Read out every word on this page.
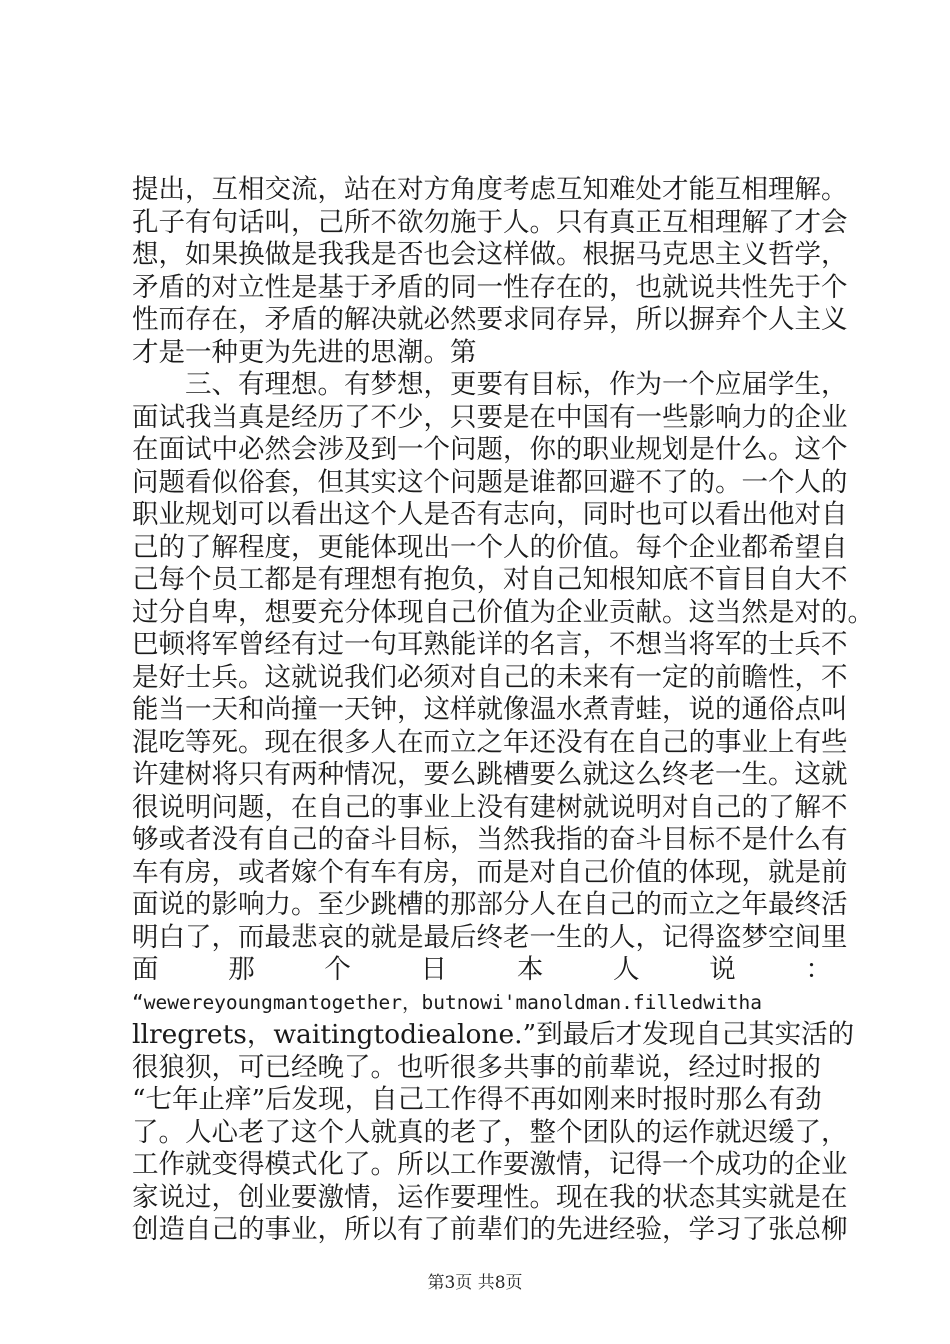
提出，互相交流，站在对方角度考虑互知难处才能互相理解。
孔子有句话叫，己所不欲勿施于人。只有真正互相理解了才会
想，如果换做是我我是否也会这样做。根据马克思主义哲学，
矛盾的对立性是基于矛盾的同一性存在的，也就说共性先于个
性而存在，矛盾的解决就必然要求同存异，所以摒弃个人主义
才是一种更为先进的思潮。第
　　三、有理想。有梦想，更要有目标，作为一个应届学生，
面试我当真是经历了不少，只要是在中国有一些影响力的企业
在面试中必然会涉及到一个问题，你的职业规划是什么。这个
问题看似俗套，但其实这个问题是谁都回避不了的。一个人的
职业规划可以看出这个人是否有志向，同时也可以看出他对自
己的了解程度，更能体现出一个人的价值。每个企业都希望自
己每个员工都是有理想有抱负，对自己知根知底不盲目自大不
过分自卑，想要充分体现自己价值为企业贡献。这当然是对的。
巴顿将军曾经有过一句耳熟能详的名言，不想当将军的士兵不
是好士兵。这就说我们必须对自己的未来有一定的前瞻性，不
能当一天和尚撞一天钟，这样就像温水煮青蛙，说的通俗点叫
混吃等死。现在很多人在而立之年还没有在自己的事业上有些
许建树将只有两种情况，要么跳槽要么就这么终老一生。这就
很说明问题，在自己的事业上没有建树就说明对自己的了解不
够或者没有自己的奋斗目标，当然我指的奋斗目标不是什么有
车有房，或者嫁个有车有房，而是对自己价值的体现，就是前
面说的影响力。至少跳槽的那部分人在自己的而立之年最终活
明白了，而最悲哀的就是最后终老一生的人，记得盗梦空间里
面	那	个	日	本	人	说	：
“wewereyoungmantogether，butnowi'manoldman.filledwitha
llregrets，waitingtodiealone.”到最后才发现自己其实活的
很狼狈，可已经晚了。也听很多共事的前辈说，经过时报的
“七年止痒”后发现，自己工作得不再如刚来时报时那么有劲
了。人心老了这个人就真的老了，整个团队的运作就迟缓了，
工作就变得模式化了。所以工作要激情，记得一个成功的企业
家说过，创业要激情，运作要理性。现在我的状态其实就是在
创造自己的事业，所以有了前辈们的先进经验，学习了张总柳
第3页 共8页
